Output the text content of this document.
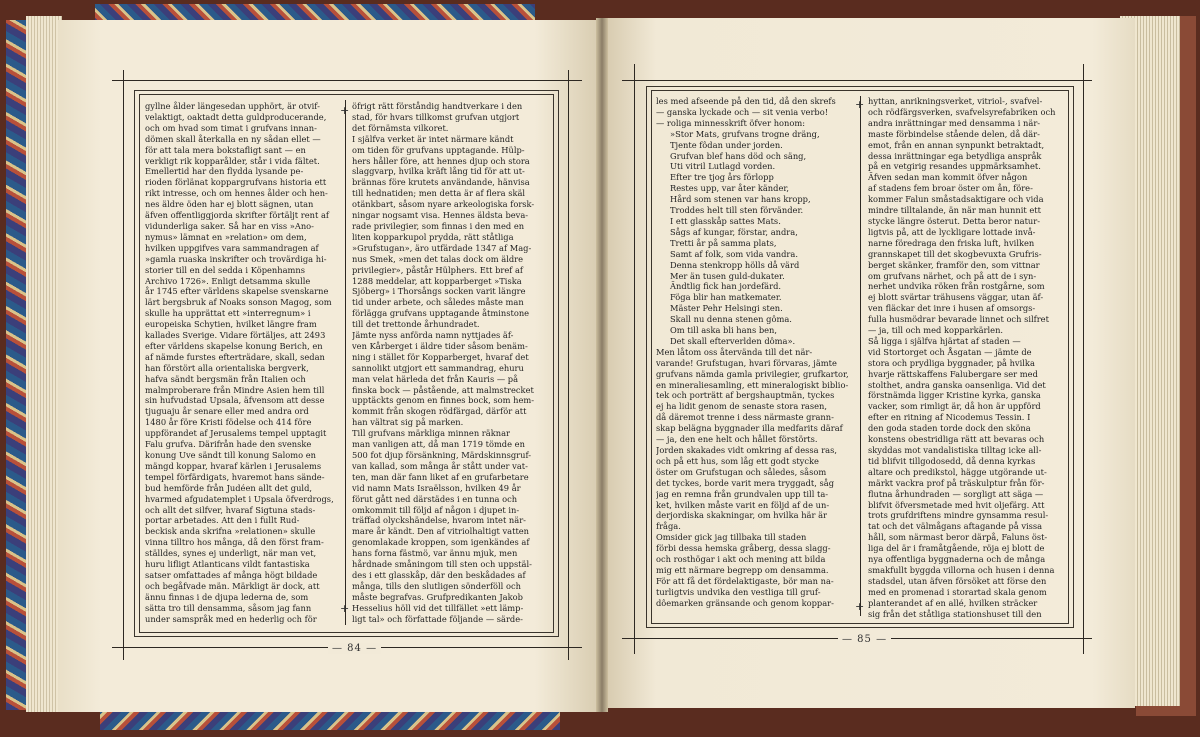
+
+

gyllne ålder längesedan upphört, är otvif-

velaktigt, oaktadt detta guldproducerande,

och om hvad som timat i grufvans innan-

dömen skall återkalla en ny sådan ellet —

för att tala mera bokstafligt sant — en

verkligt rik kopparålder, står i vida fältet.

Emellertid har den flydda lysande pe-

rioden förlänat koppargrufvans historia ett

rikt intresse, och om hennes ålder och hen-

nes äldre öden har ej blott sägnen, utan

äfven offentliggjorda skrifter förtäljt rent af

vidunderliga saker. Så har en viss »Ano-

nymus» lämnat en »relation» om dem,

hvilken uppgifves vara sammandragen af

»gamla ruaska inskrifter och trovärdiga hi-

storier till en del sedda i Köpenhamns

Archivo 1726». Enligt detsamma skulle

år 1745 efter världens skapelse svenskarne

lärt bergsbruk af Noaks sonson Magog, som

skulle ha upprättat ett »interregnum» i

europeiska Schytien, hvilket längre fram

kallades Sverige. Vidare förtäljes, att 2493

efter världens skapelse konung Berich, en

af nämde furstes efterträdare, skall, sedan

han förstört alla orientaliska bergverk,

hafva sändt bergsmän från Italien och

malmproberare från Mindre Asien hem till

sin hufvudstad Upsala, äfvensom att desse

tjuguaju år senare eller med andra ord

1480 år före Kristi födelse och 414 före

uppförandet af Jerusalems tempel upptagit

Falu grufva. Därifrån hade den svenske

konung Uve sändt till konung Salomo en

mängd koppar, hvaraf kärlen i Jerusalems

tempel förfärdigats, hvaremot hans sände-

bud hemförde från Judéen allt det guld,

hvarmed afgudatemplet i Upsala öfverdrogs,

och allt det silfver, hvaraf Sigtuna stads-

portar arbetades. Att den i fullt Rud-

beckisk anda skrifna »relationen» skulle

vinna tilltro hos många, då den först fram-

ställdes, synes ej underligt, när man vet,

huru lifligt Atlanticans vildt fantastiska

satser omfattades af många högt bildade

och begåfvade män. Märkligt är dock, att

ännu finnas i de djupa lederna de, som

sätta tro till densamma, såsom jag fann

under samspråk med en hederlig och för

öfrigt rätt förståndig handtverkare i den

stad, för hvars tillkomst grufvan utgjort

det förnämsta vilkoret.

I själfva verket är intet närmare kändt

om tiden för grufvans upptagande. Hülp-

hers håller före, att hennes djup och stora

slaggvarp, hvilka kräft lång tid för att ut-

brännas före krutets användande, hänvisa

till hednatiden; men detta är af flera skäl

otänkbart, såsom nyare arkeologiska forsk-

ningar nogsamt visa. Hennes äldsta beva-

rade privilegier, som finnas i den med en

liten kopparkupol prydda, rätt ståtliga

»Grufstugan», äro utfärdade 1347 af Mag-

nus Smek, »men det talas dock om äldre

privilegier», påstår Hülphers. Ett bref af

1288 meddelar, att kopparberget »Tiska

Sjöberg» i Thorsångs socken varit längre

tid under arbete, och således måste man

förlägga grufvans upptagande åtminstone

till det trettonde århundradet.

Jämte nyss anförda namn nyttjades äf-

ven Kårberget i äldre tider såsom benäm-

ning i stället för Kopparberget, hvaraf det

sannolikt utgjort ett sammandrag, ehuru

man velat härleda det från Kauris — på

finska bock — påstående, att malmstrecket

upptäckts genom en finnes bock, som hem-

kommit från skogen rödfärgad, därför att

han vältrat sig på marken.

Till grufvans märkliga minnen räknar

man vanligen att, då man 1719 tömde en

500 fot djup försänkning, Märdskinnsgruf-

van kallad, som många år stått under vat-

ten, man där fann liket af en grufarbetare

vid namn Mats Israëlsson, hvilken 49 år

förut gått ned därstädes i en tunna och

omkommit till följd af någon i djupet in-

träffad olyckshändelse, hvarom intet när-

mare år kändt. Den af vitriolhaltigt vatten

genomlakade kroppen, som igenkändes af

hans forna fästmö, var ännu mjuk, men

hårdnade småningom till sten och uppstäl-

des i ett glasskåp, där den beskådades af

många, tills den slutligen sönderföll och

måste begrafvas. Grufpredikanten Jakob

Hesselius höll vid det tillfället »ett lämp-

ligt tal» och författade följande — särde-

— 84 —
+
+

les med afseende på den tid, då den skrefs

— ganska lyckade och — sit venia verbo!

— roliga minnesskrift öfver honom:

»Stor Mats, grufvans trogne dräng,

Tjente fôdan under jorden.

Grufvan blef hans död och säng,

Uti vitril Lutlagd vorden.

Efter tre tjog års förlopp

Restes upp, var åter känder,

Hård som stenen var hans kropp,

Troddes helt till sten förvänder.

I ett glasskåp sattes Mats.

Sågs af kungar, förstar, andra,

Tretti år på samma plats,

Samt af folk, som vida vandra.

Denna stenkropp hölls då värd

Mer än tusen guld-dukater.

Ändtlig fick han jordefärd.

Föga blir han matkemater.

Mäster Pehr Helsingi sten.

Skall nu denna stenen gôma.

Om till aska bli hans ben,

Det skall efterverlden dôma».

Men låtom oss återvända till det när-

varande! Grufstugan, hvari förvaras, jämte

grufvans nämda gamla privilegier, grufkartor,

en mineraliesamling, ett mineralogiskt biblio-

tek och porträtt af bergshauptmän, tyckes

ej ha lidit genom de senaste stora rasen,

då däremot trenne i dess närmaste grann-

skap belägna byggnader illa medfarits däraf

— ja, den ene helt och hållet förstörts.

Jorden skakades vidt omkring af dessa ras,

och på ett hus, som låg ett godt stycke

öster om Grufstugan och således, såsom

det tyckes, borde varit mera tryggadt, såg

jag en remna från grundvalen upp till ta-

ket, hvilken måste varit en följd af de un-

derjordiska skakningar, om hvilka här är

fråga.

Omsider gick jag tillbaka till staden

förbi dessa hemska gråberg, dessa slagg-

och rosthögar i akt och mening att bilda

mig ett närmare begrepp om densamma.

För att få det fördelaktigaste, bör man na-

turligtvis undvika den vestliga till gruf-

dôemarken gränsande och genom koppar-

hyttan, anrikningsverket, vitriol-, svafvel-

och rödfärgsverken, svafvelsyrefabriken och

andra inrättningar med densamma i när-

maste förbindelse stående delen, då där-

emot, från en annan synpunkt betraktadt,

dessa inrättningar ega betydliga anspråk

på en vetgirig resandes uppmärksamhet.

Äfven sedan man kommit öfver någon

af stadens fem broar öster om ån, före-

kommer Falun småstadsaktigare och vida

mindre tilltalande, än när man hunnit ett

stycke längre österut. Detta beror natur-

ligtvis på, att de lyckligare lottade invå-

narne föredraga den friska luft, hvilken

grannskapet till det skogbevuxta Grufris-

berget skänker, framför den, som vittnar

om grufvans närhet, och på att de i syn-

nerhet undvika röken från rostgårne, som

ej blott svärtar trähusens väggar, utan äf-

ven fläckar det inre i husen af omsorgs-

fulla husmödrar bevarade linnet och silfret

— ja, till och med kopparkärlen.

Så ligga i själfva hjärtat af staden —

vid Stortorget och Åsgatan — jämte de

stora och prydliga byggnader, på hvilka

hvarje rättskaffens Falubergare ser med

stolthet, andra ganska oansenliga. Vid det

förstnämda ligger Kristine kyrka, ganska

vacker, som rimligt är, då hon är uppförd

efter en ritning af Nicodemus Tessin. I

den goda staden torde dock den sköna

konstens obestridliga rätt att bevaras och

skyddas mot vandalistiska tilltag icke all-

tid blifvit tillgodosedd, då denna kyrkas

altare och predikstol, hägge utgörande ut-

märkt vackra prof på träskulptur från för-

flutna århundraden — sorgligt att säga —

blifvit öfversmetade med hvit oljefärg. Att

trots grufdriftens mindre gynsamma resul-

tat och det välmågans aftagande på vissa

håll, som närmast beror därpå, Faluns öst-

liga del är i framåtgående, röja ej blott de

nya offentliga byggnaderna och de många

smakfullt byggda villorna och husen i denna

stadsdel, utan äfven försöket att förse den

med en promenad i storartad skala genom

planterandet af en allé, hvilken sträcker

sig från det ståtliga stationshuset till den

— 85 —
